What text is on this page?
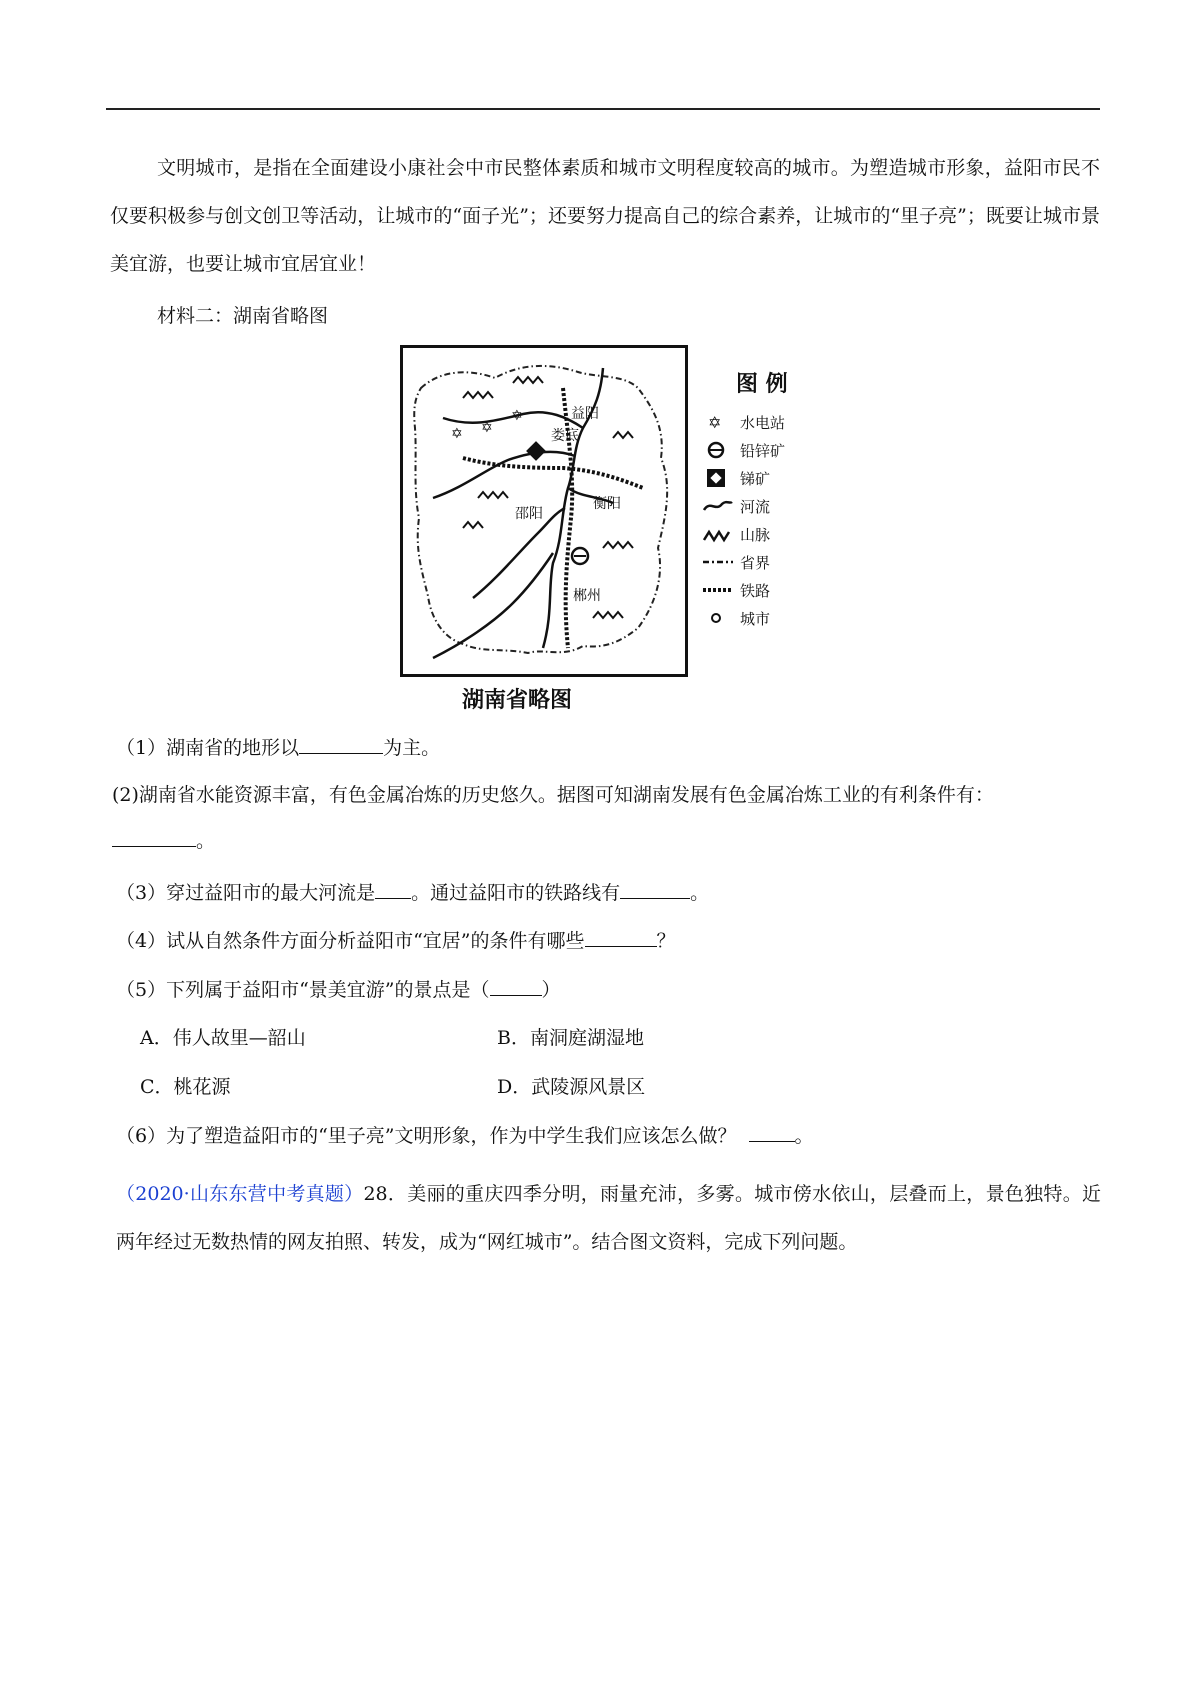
文明城市，是指在全面建设小康社会中市民整体素质和城市文明程度较高的城市。为塑造城市形象，益阳市民不仅要积极参与创文创卫等活动，让城市的“面子光”；还要努力提高自己的综合素养，让城市的“里子亮”；既要让城市景美宜游，也要让城市宜居宜业！

材料二：湖南省略图
✡ ✡
✡	益阳
娄底
邵阳
衡阳
郴州
图 例
✡ 水电站
铅锌矿
锑矿
河流
山脉
省界
铁路
城市
湖南省略图
（1）湖南省的地形以	为主。
(2)湖南省水能资源丰富，有色金属冶炼的历史悠久。据图可知湖南发展有色金属冶炼工业的有利条件有：
。
（3）穿过益阳市的最大河流是 。通过益阳市的铁路线有	。
（4）试从自然条件方面分析益阳市“宜居”的条件有哪些	？
（5）下列属于益阳市“景美宜游”的景点是（	）
A．伟人故里—韶山	B．南洞庭湖湿地
C．桃花源	D．武陵源风景区
（6）为了塑造益阳市的“里子亮”文明形象，作为中学生我们应该怎么做？	。

（2020·山东东营中考真题）28．美丽的重庆四季分明，雨量充沛，多雾。城市傍水依山，层叠而上，景色独特。近两年经过无数热情的网友拍照、转发，成为“网红城市”。结合图文资料，完成下列问题。
